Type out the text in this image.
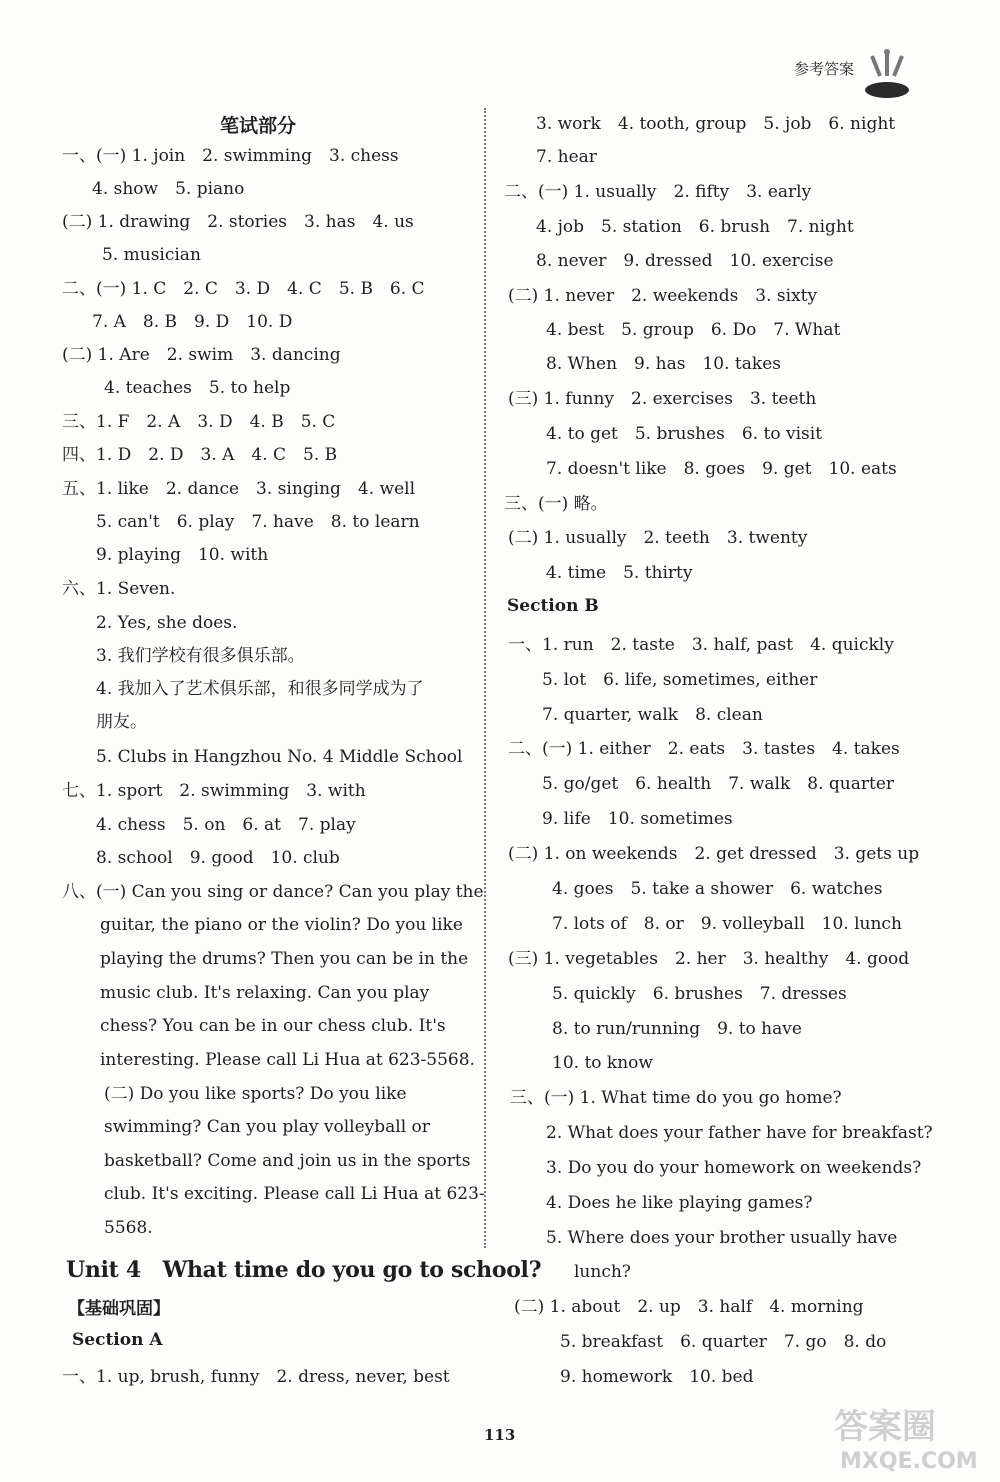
参考答案
笔试部分
一、(一) 1. join　2. swimming　3. chess
4. show　5. piano
(二) 1. drawing　2. stories　3. has　4. us
5. musician
二、(一) 1. C　2. C　3. D　4. C　5. B　6. C
7. A　8. B　9. D　10. D
(二) 1. Are　2. swim　3. dancing
4. teaches　5. to help
三、1. F　2. A　3. D　4. B　5. C
四、1. D　2. D　3. A　4. C　5. B
五、1. like　2. dance　3. singing　4. well
5. can't　6. play　7. have　8. to learn
9. playing　10. with
六、1. Seven.
2. Yes, she does.
3. 我们学校有很多俱乐部。
4. 我加入了艺术俱乐部，和很多同学成为了
朋友。
5. Clubs in Hangzhou No. 4 Middle School
七、1. sport　2. swimming　3. with
4. chess　5. on　6. at　7. play
8. school　9. good　10. club
八、(一) Can you sing or dance? Can you play the
guitar, the piano or the violin? Do you like
playing the drums? Then you can be in the
music club. It's relaxing. Can you play
chess? You can be in our chess club. It's
interesting. Please call Li Hua at 623-5568.
(二) Do you like sports? Do you like
swimming? Can you play volleyball or
basketball? Come and join us in the sports
club. It's exciting. Please call Li Hua at 623-
5568.
Unit 4　What time do you go to school?
【基础巩固】
Section A
一、1. up, brush, funny　2. dress, never, best
3. work　4. tooth, group　5. job　6. night
7. hear
二、(一) 1. usually　2. fifty　3. early
4. job　5. station　6. brush　7. night
8. never　9. dressed　10. exercise
(二) 1. never　2. weekends　3. sixty
4. best　5. group　6. Do　7. What
8. When　9. has　10. takes
(三) 1. funny　2. exercises　3. teeth
4. to get　5. brushes　6. to visit
7. doesn't like　8. goes　9. get　10. eats
三、(一) 略。
(二) 1. usually　2. teeth　3. twenty
4. time　5. thirty
Section B
一、1. run　2. taste　3. half, past　4. quickly
5. lot　6. life, sometimes, either
7. quarter, walk　8. clean
二、(一) 1. either　2. eats　3. tastes　4. takes
5. go/get　6. health　7. walk　8. quarter
9. life　10. sometimes
(二) 1. on weekends　2. get dressed　3. gets up
4. goes　5. take a shower　6. watches
7. lots of　8. or　9. volleyball　10. lunch
(三) 1. vegetables　2. her　3. healthy　4. good
5. quickly　6. brushes　7. dresses
8. to run/running　9. to have
10. to know
三、(一) 1. What time do you go home?
2. What does your father have for breakfast?
3. Do you do your homework on weekends?
4. Does he like playing games?
5. Where does your brother usually have
lunch?
(二) 1. about　2. up　3. half　4. morning
5. breakfast　6. quarter　7. go　8. do
9. homework　10. bed
113	答案圈
MXQE.COM
